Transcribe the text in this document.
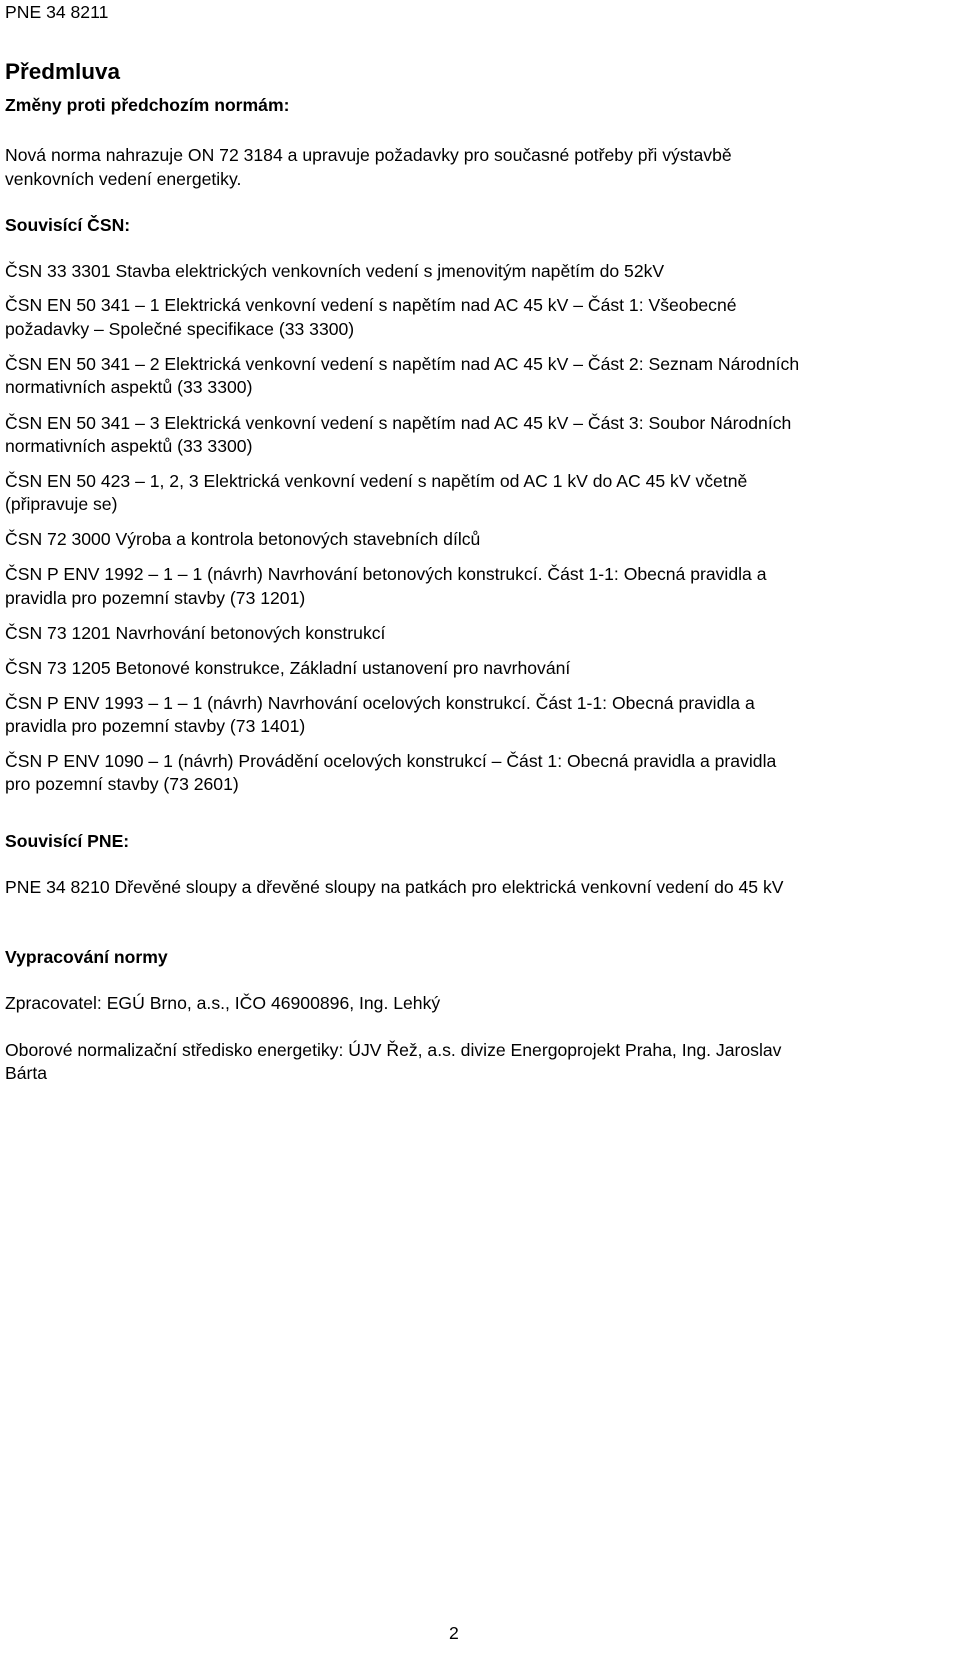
PNE 34 8211
Předmluva

Změny proti předchozím normám:

Nová norma nahrazuje ON 72 3184 a upravuje požadavky pro současné potřeby při výstavbě

venkovních vedení energetiky.

Souvisící ČSN:

ČSN 33 3301 Stavba elektrických venkovních vedení s jmenovitým napětím do 52kV

ČSN EN 50 341 – 1 Elektrická venkovní vedení s napětím nad AC 45 kV – Část 1: Všeobecné

požadavky – Společné specifikace (33 3300)

ČSN EN 50 341 – 2 Elektrická venkovní vedení s napětím nad AC 45 kV – Část 2: Seznam Národních

normativních aspektů (33 3300)

ČSN EN 50 341 – 3 Elektrická venkovní vedení s napětím nad AC 45 kV – Část 3: Soubor Národních

normativních aspektů (33 3300)

ČSN EN 50 423 – 1, 2, 3 Elektrická venkovní vedení s napětím od AC 1 kV do AC 45 kV včetně

(připravuje se)

ČSN 72 3000 Výroba a kontrola betonových stavebních dílců

ČSN P ENV 1992 – 1 – 1 (návrh) Navrhování betonových konstrukcí. Část 1-1: Obecná pravidla a

pravidla pro pozemní stavby (73 1201)

ČSN 73 1201 Navrhování betonových konstrukcí

ČSN 73 1205 Betonové konstrukce, Základní ustanovení pro navrhování

ČSN P ENV 1993 – 1 – 1 (návrh) Navrhování ocelových konstrukcí. Část 1-1: Obecná pravidla a

pravidla pro pozemní stavby (73 1401)

ČSN P ENV 1090 – 1 (návrh) Provádění ocelových konstrukcí – Část 1: Obecná pravidla a pravidla

pro pozemní stavby (73 2601)

Souvisící PNE:

PNE 34 8210 Dřevěné sloupy a dřevěné sloupy na patkách pro elektrická venkovní vedení do 45 kV

Vypracování normy

Zpracovatel: EGÚ Brno, a.s., IČO 46900896, Ing. Lehký

Oborové normalizační středisko energetiky: ÚJV Řež, a.s. divize Energoprojekt Praha, Ing. Jaroslav

Bárta

2
